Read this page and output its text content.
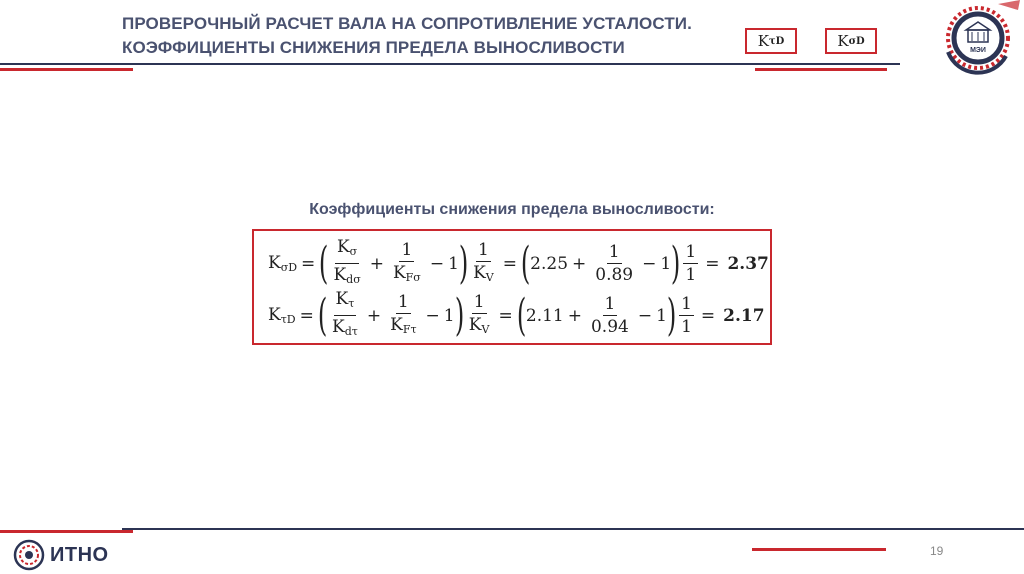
ПРОВЕРОЧНЫЙ РАСЧЕТ ВАЛА НА СОПРОТИВЛЕНИЕ УСТАЛОСТИ.
КОЭФФИЦИЕНТЫ СНИЖЕНИЯ ПРЕДЕЛА ВЫНОСЛИВОСТИ	K τD	K σD
МЭИ
Коэффициенты снижения предела выносливости:
$K_{\sigma D}$ = ( $\frac{K_\sigma}{K_{d\sigma}} + \frac{1}{K_{F\sigma}} - 1$ ) $\frac{1}{K_V}$ = ( $2.25 + \frac{1}{0.89} - 1$ ) $\frac{1}{1} = 2.37$
$K_{\tau D}$ = ( $\frac{K_\tau}{K_{d\tau}} + \frac{1}{K_{F\tau}} - 1$ ) $\frac{1}{K_V}$ = ( $2.11 + \frac{1}{0.94} - 1$ ) $\frac{1}{1} = 2.17$
ИТНО	19
